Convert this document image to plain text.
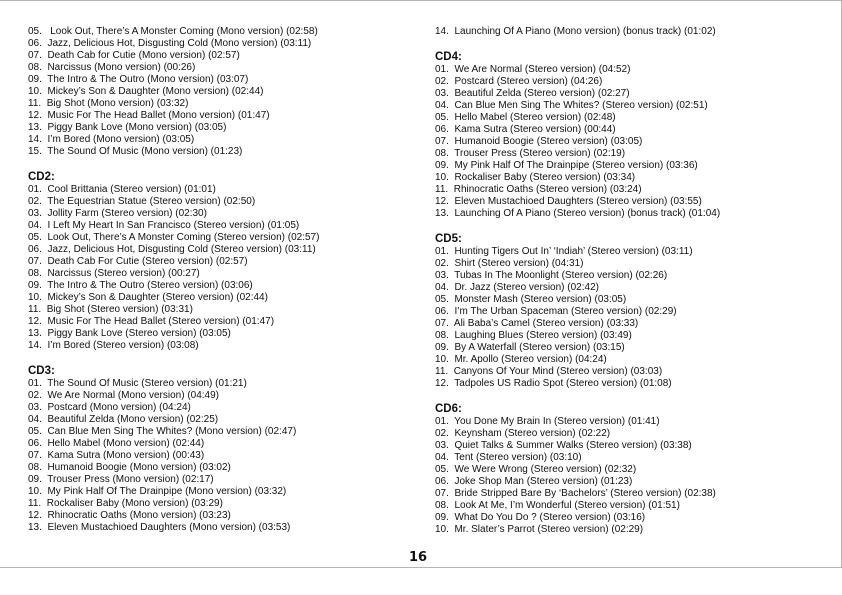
05.   Look Out, There’s A Monster Coming (Mono version) (02:58)
06.  Jazz, Delicious Hot, Disgusting Cold (Mono version) (03:11)
07.  Death Cab for Cutie (Mono version) (02:57)
08.  Narcissus (Mono version) (00:26)
09.  The Intro & The Outro (Mono version) (03:07)
10.  Mickey’s Son & Daughter (Mono version) (02:44)
11.  Big Shot (Mono version) (03:32)
12.  Music For The Head Ballet (Mono version) (01:47)
13.  Piggy Bank Love (Mono version) (03:05)
14.  I’m Bored (Mono version) (03:05)
15.  The Sound Of Music (Mono version) (01:23)
CD2:
01.  Cool Brittania (Stereo version) (01:01)
02.  The Equestrian Statue (Stereo version) (02:50)
03.  Jollity Farm (Stereo version) (02:30)
04.  I Left My Heart In San Francisco (Stereo version) (01:05)
05.  Look Out, There’s A Monster Coming (Stereo version) (02:57)
06.  Jazz, Delicious Hot, Disgusting Cold (Stereo version) (03:11)
07.  Death Cab For Cutie (Stereo version) (02:57)
08.  Narcissus (Stereo version) (00:27)
09.  The Intro & The Outro (Stereo version) (03:06)
10.  Mickey’s Son & Daughter (Stereo version) (02:44)
11.  Big Shot (Stereo version) (03:31)
12.  Music For The Head Ballet (Stereo version) (01:47)
13.  Piggy Bank Love (Stereo version) (03:05)
14.  I’m Bored (Stereo version) (03:08)
CD3:
01.  The Sound Of Music (Stereo version) (01:21)
02.  We Are Normal (Mono version) (04:49)
03.  Postcard (Mono version) (04:24)
04.  Beautiful Zelda (Mono version) (02:25)
05.  Can Blue Men Sing The Whites? (Mono version) (02:47)
06.  Hello Mabel (Mono version) (02:44)
07.  Kama Sutra (Mono version) (00:43)
08.  Humanoid Boogie (Mono version) (03:02)
09.  Trouser Press (Mono version) (02:17)
10.  My Pink Half Of The Drainpipe (Mono version) (03:32)
11.  Rockaliser Baby (Mono version) (03:29)
12.  Rhinocratic Oaths (Mono version) (03:23)
13.  Eleven Mustachioed Daughters (Mono version) (03:53)
14.  Launching Of A Piano (Mono version) (bonus track) (01:02)
CD4:
01.  We Are Normal (Stereo version) (04:52)
02.  Postcard (Stereo version) (04:26)
03.  Beautiful Zelda (Stereo version) (02:27)
04.  Can Blue Men Sing The Whites? (Stereo version) (02:51)
05.  Hello Mabel (Stereo version) (02:48)
06.  Kama Sutra (Stereo version) (00:44)
07.  Humanoid Boogie (Stereo version) (03:05)
08.  Trouser Press (Stereo version) (02:19)
09.  My Pink Half Of The Drainpipe (Stereo version) (03:36)
10.  Rockaliser Baby (Stereo version) (03:34)
11.  Rhinocratic Oaths (Stereo version) (03:24)
12.  Eleven Mustachioed Daughters (Stereo version) (03:55)
13.  Launching Of A Piano (Stereo version) (bonus track) (01:04)
CD5:
01.  Hunting Tigers Out In’ ‘Indiah’ (Stereo version) (03:11)
02.  Shirt (Stereo version) (04:31)
03.  Tubas In The Moonlight (Stereo version) (02:26)
04.  Dr. Jazz (Stereo version) (02:42)
05.  Monster Mash (Stereo version) (03:05)
06.  I’m The Urban Spaceman (Stereo version) (02:29)
07.  Ali Baba’s Camel (Stereo version) (03:33)
08.  Laughing Blues (Stereo version) (03:49)
09.  By A Waterfall (Stereo version) (03:15)
10.  Mr. Apollo (Stereo version) (04:24)
11.  Canyons Of Your Mind (Stereo version) (03:03)
12.  Tadpoles US Radio Spot (Stereo version) (01:08)
CD6:
01.  You Done My Brain In (Stereo version) (01:41)
02.  Keynsham (Stereo version) (02:22)
03.  Quiet Talks & Summer Walks (Stereo version) (03:38)
04.  Tent (Stereo version) (03:10)
05.  We Were Wrong (Stereo version) (02:32)
06.  Joke Shop Man (Stereo version) (01:23)
07.  Bride Stripped Bare By ‘Bachelors’ (Stereo version) (02:38)
08.  Look At Me, I’m Wonderful (Stereo version) (01:51)
09.  What Do You Do ? (Stereo version) (03:16)
10.  Mr. Slater’s Parrot (Stereo version) (02:29)
16
